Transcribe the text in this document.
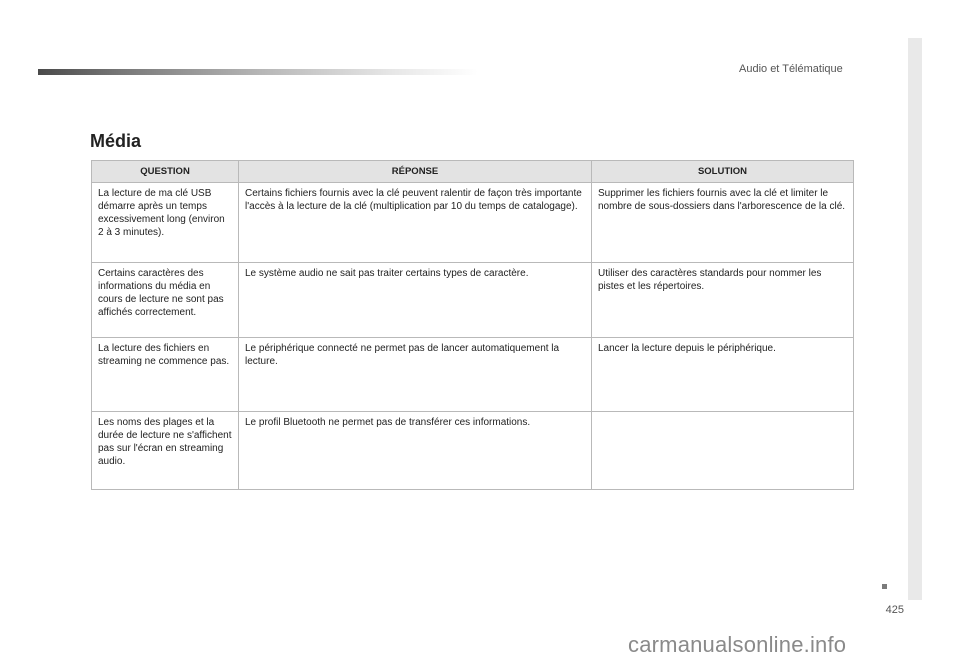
Audio et Télématique
425
Média
QUESTION	RÉPONSE	SOLUTION
La lecture de ma clé USB démarre après un temps excessivement long (environ 2 à 3 minutes).	Certains fichiers fournis avec la clé peuvent ralentir de façon très importante l'accès à la lecture de la clé (multiplication par 10 du temps de catalogage).	Supprimer les fichiers fournis avec la clé et limiter le nombre de sous-dossiers dans l'arborescence de la clé.
Certains caractères des informations du média en cours de lecture ne sont pas affichés correctement.	Le système audio ne sait pas traiter certains types de caractère.	Utiliser des caractères standards pour nommer les pistes et les répertoires.
La lecture des fichiers en streaming ne commence pas.	Le périphérique connecté ne permet pas de lancer automatiquement la lecture.	Lancer la lecture depuis le périphérique.
Les noms des plages et la durée de lecture ne s'affichent pas sur l'écran en streaming audio.	Le profil Bluetooth ne permet pas de transférer ces informations.	
carmanualsonline.info
